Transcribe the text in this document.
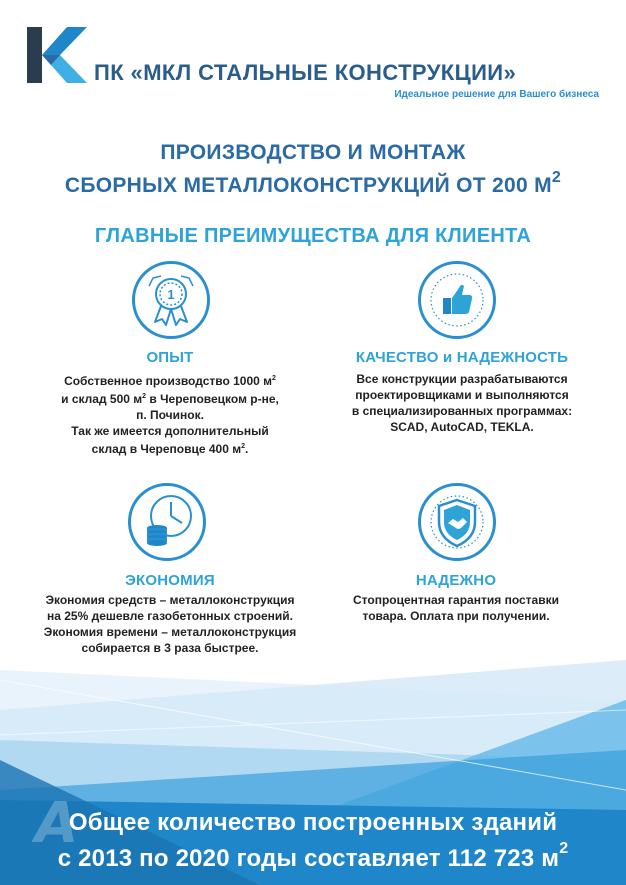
ПК «МКЛ СТАЛЬНЫЕ КОНСТРУКЦИИ»
Идеальное решение для Вашего бизнеса
ПРОИЗВОДСТВО И МОНТАЖ
СБОРНЫХ МЕТАЛЛОКОНСТРУКЦИЙ ОТ 200 $М^2$
ГЛАВНЫЕ ПРЕИМУЩЕСТВА ДЛЯ КЛИЕНТА
1
ОПЫТ
Собственное производство 1000 $м^2$
и склад 500 $м^2$ в Череповецком р-не,
п. Починок.
Так же имеется дополнительный
склад в Череповце 400 $м^2$.
КАЧЕСТВО и НАДЕЖНОСТЬ
Все конструкции разрабатываются
проектировщиками и выполняются
в специализированных программах:
SCAD, AutoCAD, TEKLA.
ЭКОНОМИЯ
Экономия средств – металлоконструкция
на 25% дешевле газобетонных строений.
Экономия времени – металлоконструкция
собирается в 3 раза быстрее.
НАДЕЖНО
Стопроцентная гарантия поставки
товара. Оплата при получении.
ꓮ
Общее количество построенных зданий
с 2013 по 2020 годы составляет 112 723 $м^2$
